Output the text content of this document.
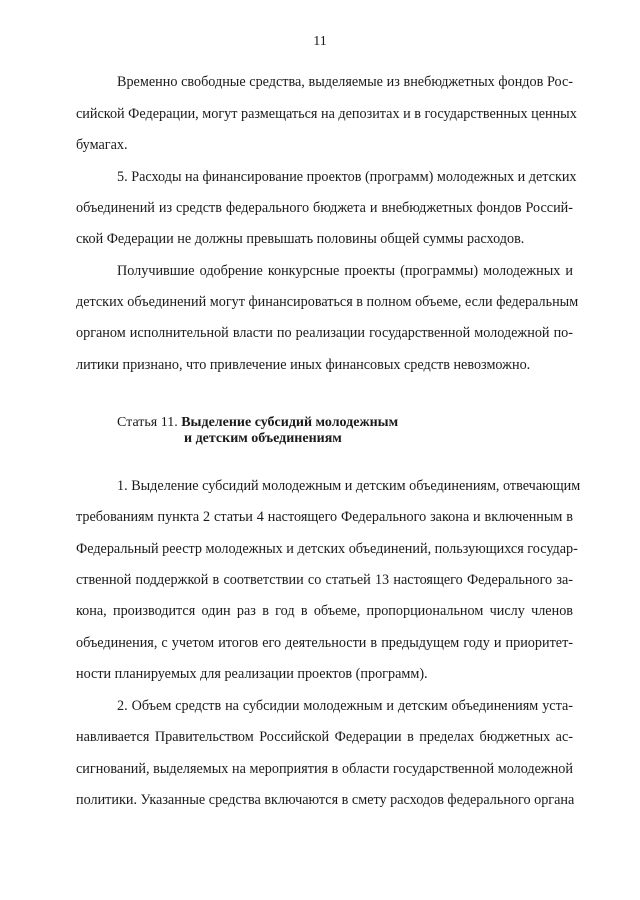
11
Временно свободные средства, выделяемые из внебюджетных фондов Рос-
сийской Федерации, могут размещаться на депозитах и в государственных ценных
бумагах.
5. Расходы на финансирование проектов (программ) молодежных и детских
объединений из средств федерального бюджета и внебюджетных фондов Россий-
ской Федерации не должны превышать половины общей суммы расходов.
Получившие одобрение конкурсные проекты (программы) молодежных и
детских объединений могут финансироваться в полном объеме, если федеральным
органом исполнительной власти по реализации государственной молодежной по-
литики признано, что привлечение иных финансовых средств невозможно.
Статья 11. Выделение субсидий молодежным
и детским объединениям
1. Выделение субсидий молодежным и детским объединениям, отвечающим
требованиям пункта 2 статьи 4 настоящего Федерального закона и включенным в
Федеральный реестр молодежных и детских объединений, пользующихся государ-
ственной поддержкой в соответствии со статьей 13 настоящего Федерального за-
кона, производится один раз в год в объеме, пропорциональном числу членов
объединения, с учетом итогов его деятельности в предыдущем году и приоритет-
ности планируемых для реализации проектов (программ).
2. Объем средств на субсидии молодежным и детским объединениям уста-
навливается Правительством Российской Федерации в пределах бюджетных ас-
сигнований, выделяемых на мероприятия в области государственной молодежной
политики. Указанные средства включаются в смету расходов федерального органа
